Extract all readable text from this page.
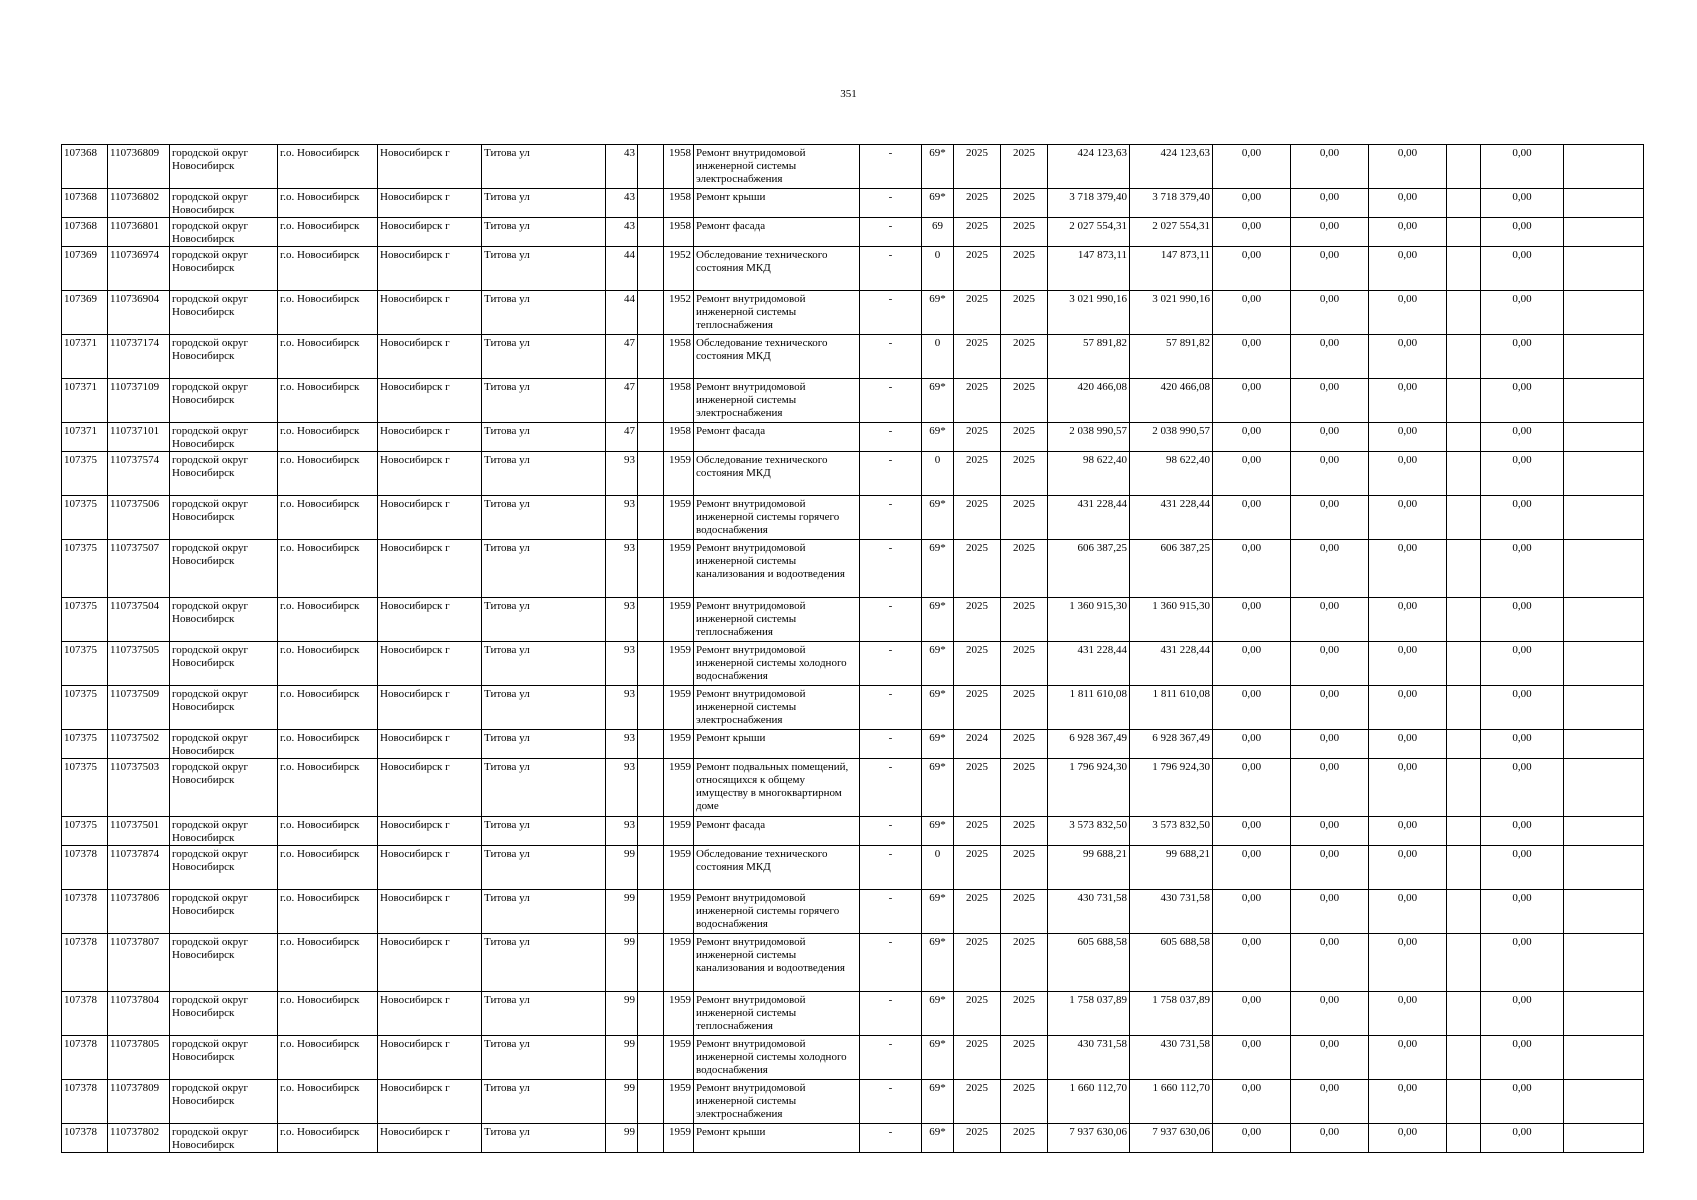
351
107368	110736809	городской округ Новосибирск	г.о. Новосибирск	Новосибирск г	Титова ул	43		1958	Ремонт внутридомовой инженерной системы электроснабжения	-	69*	2025	2025	424 123,63	424 123,63	0,00	0,00	0,00		0,00	
107368	110736802	городской округ Новосибирск	г.о. Новосибирск	Новосибирск г	Титова ул	43		1958	Ремонт крыши	-	69*	2025	2025	3 718 379,40	3 718 379,40	0,00	0,00	0,00		0,00	
107368	110736801	городской округ Новосибирск	г.о. Новосибирск	Новосибирск г	Титова ул	43		1958	Ремонт фасада	-	69	2025	2025	2 027 554,31	2 027 554,31	0,00	0,00	0,00		0,00	
107369	110736974	городской округ Новосибирск	г.о. Новосибирск	Новосибирск г	Титова ул	44		1952	Обследование технического состояния МКД	-	0	2025	2025	147 873,11	147 873,11	0,00	0,00	0,00		0,00	
107369	110736904	городской округ Новосибирск	г.о. Новосибирск	Новосибирск г	Титова ул	44		1952	Ремонт внутридомовой инженерной системы теплоснабжения	-	69*	2025	2025	3 021 990,16	3 021 990,16	0,00	0,00	0,00		0,00	
107371	110737174	городской округ Новосибирск	г.о. Новосибирск	Новосибирск г	Титова ул	47		1958	Обследование технического состояния МКД	-	0	2025	2025	57 891,82	57 891,82	0,00	0,00	0,00		0,00	
107371	110737109	городской округ Новосибирск	г.о. Новосибирск	Новосибирск г	Титова ул	47		1958	Ремонт внутридомовой инженерной системы электроснабжения	-	69*	2025	2025	420 466,08	420 466,08	0,00	0,00	0,00		0,00	
107371	110737101	городской округ Новосибирск	г.о. Новосибирск	Новосибирск г	Титова ул	47		1958	Ремонт фасада	-	69*	2025	2025	2 038 990,57	2 038 990,57	0,00	0,00	0,00		0,00	
107375	110737574	городской округ Новосибирск	г.о. Новосибирск	Новосибирск г	Титова ул	93		1959	Обследование технического состояния МКД	-	0	2025	2025	98 622,40	98 622,40	0,00	0,00	0,00		0,00	
107375	110737506	городской округ Новосибирск	г.о. Новосибирск	Новосибирск г	Титова ул	93		1959	Ремонт внутридомовой инженерной системы горячего водоснабжения	-	69*	2025	2025	431 228,44	431 228,44	0,00	0,00	0,00		0,00	
107375	110737507	городской округ Новосибирск	г.о. Новосибирск	Новосибирск г	Титова ул	93		1959	Ремонт внутридомовой инженерной системы канализования и водоотведения	-	69*	2025	2025	606 387,25	606 387,25	0,00	0,00	0,00		0,00	
107375	110737504	городской округ Новосибирск	г.о. Новосибирск	Новосибирск г	Титова ул	93		1959	Ремонт внутридомовой инженерной системы теплоснабжения	-	69*	2025	2025	1 360 915,30	1 360 915,30	0,00	0,00	0,00		0,00	
107375	110737505	городской округ Новосибирск	г.о. Новосибирск	Новосибирск г	Титова ул	93		1959	Ремонт внутридомовой инженерной системы холодного водоснабжения	-	69*	2025	2025	431 228,44	431 228,44	0,00	0,00	0,00		0,00	
107375	110737509	городской округ Новосибирск	г.о. Новосибирск	Новосибирск г	Титова ул	93		1959	Ремонт внутридомовой инженерной системы электроснабжения	-	69*	2025	2025	1 811 610,08	1 811 610,08	0,00	0,00	0,00		0,00	
107375	110737502	городской округ Новосибирск	г.о. Новосибирск	Новосибирск г	Титова ул	93		1959	Ремонт крыши	-	69*	2024	2025	6 928 367,49	6 928 367,49	0,00	0,00	0,00		0,00	
107375	110737503	городской округ Новосибирск	г.о. Новосибирск	Новосибирск г	Титова ул	93		1959	Ремонт подвальных помещений, относящихся к общему имуществу в многоквартирном доме	-	69*	2025	2025	1 796 924,30	1 796 924,30	0,00	0,00	0,00		0,00	
107375	110737501	городской округ Новосибирск	г.о. Новосибирск	Новосибирск г	Титова ул	93		1959	Ремонт фасада	-	69*	2025	2025	3 573 832,50	3 573 832,50	0,00	0,00	0,00		0,00	
107378	110737874	городской округ Новосибирск	г.о. Новосибирск	Новосибирск г	Титова ул	99		1959	Обследование технического состояния МКД	-	0	2025	2025	99 688,21	99 688,21	0,00	0,00	0,00		0,00	
107378	110737806	городской округ Новосибирск	г.о. Новосибирск	Новосибирск г	Титова ул	99		1959	Ремонт внутридомовой инженерной системы горячего водоснабжения	-	69*	2025	2025	430 731,58	430 731,58	0,00	0,00	0,00		0,00	
107378	110737807	городской округ Новосибирск	г.о. Новосибирск	Новосибирск г	Титова ул	99		1959	Ремонт внутридомовой инженерной системы канализования и водоотведения	-	69*	2025	2025	605 688,58	605 688,58	0,00	0,00	0,00		0,00	
107378	110737804	городской округ Новосибирск	г.о. Новосибирск	Новосибирск г	Титова ул	99		1959	Ремонт внутридомовой инженерной системы теплоснабжения	-	69*	2025	2025	1 758 037,89	1 758 037,89	0,00	0,00	0,00		0,00	
107378	110737805	городской округ Новосибирск	г.о. Новосибирск	Новосибирск г	Титова ул	99		1959	Ремонт внутридомовой инженерной системы холодного водоснабжения	-	69*	2025	2025	430 731,58	430 731,58	0,00	0,00	0,00		0,00	
107378	110737809	городской округ Новосибирск	г.о. Новосибирск	Новосибирск г	Титова ул	99		1959	Ремонт внутридомовой инженерной системы электроснабжения	-	69*	2025	2025	1 660 112,70	1 660 112,70	0,00	0,00	0,00		0,00	
107378	110737802	городской округ Новосибирск	г.о. Новосибирск	Новосибирск г	Титова ул	99		1959	Ремонт крыши	-	69*	2025	2025	7 937 630,06	7 937 630,06	0,00	0,00	0,00		0,00	
